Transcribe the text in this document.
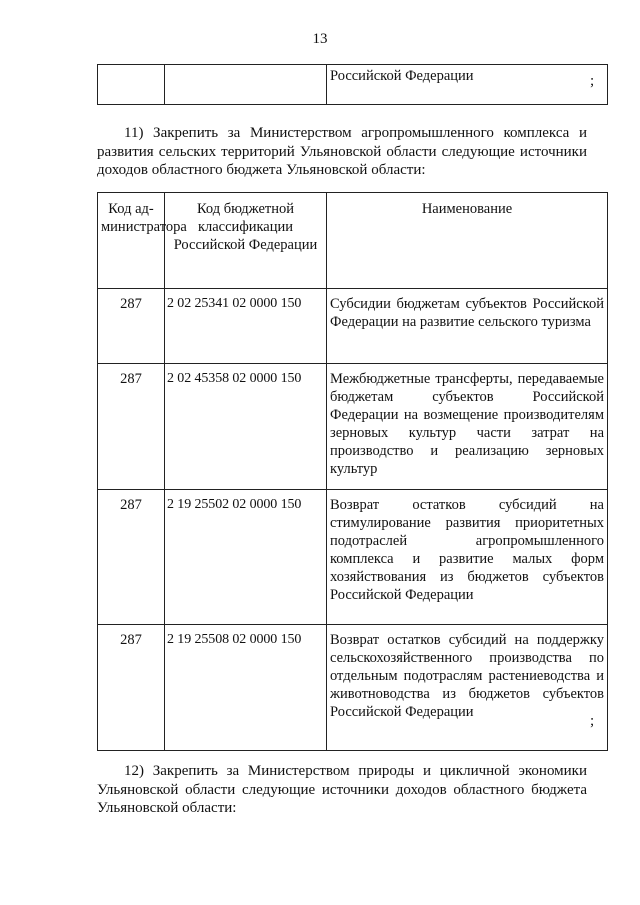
13
		Российской Федерации	;

11) Закрепить за Министерством агропромышленного комплекса и развития сельских территорий Ульяновской области следующие источники доходов областного бюджета Ульяновской области:

Код ад-министратора	Код бюджетной классификации Российской Федерации	Наименование
287	2 02 25341 02 0000 150	Субсидии бюджетам субъектов Российской Федерации на развитие сельского туризма
287	2 02 45358 02 0000 150	Межбюджетные трансферты, передаваемые бюджетам субъектов Российской Федерации на возмещение производителям зерновых культур части затрат на производство и реализацию зерновых культур
287	2 19 25502 02 0000 150	Возврат остатков субсидий на стимулирование развития приоритетных подотраслей агропромышленного комплекса и развитие малых форм хозяйствования из бюджетов субъектов Российской Федерации
287	2 19 25508 02 0000 150	Возврат остатков субсидий на поддержку сельскохозяйственного производства по отдельным подотраслям растениеводства и животноводства из бюджетов субъектов Российской Федерации
;

12) Закрепить за Министерством природы и цикличной экономики Ульяновской области следующие источники доходов областного бюджета Ульяновской области:
